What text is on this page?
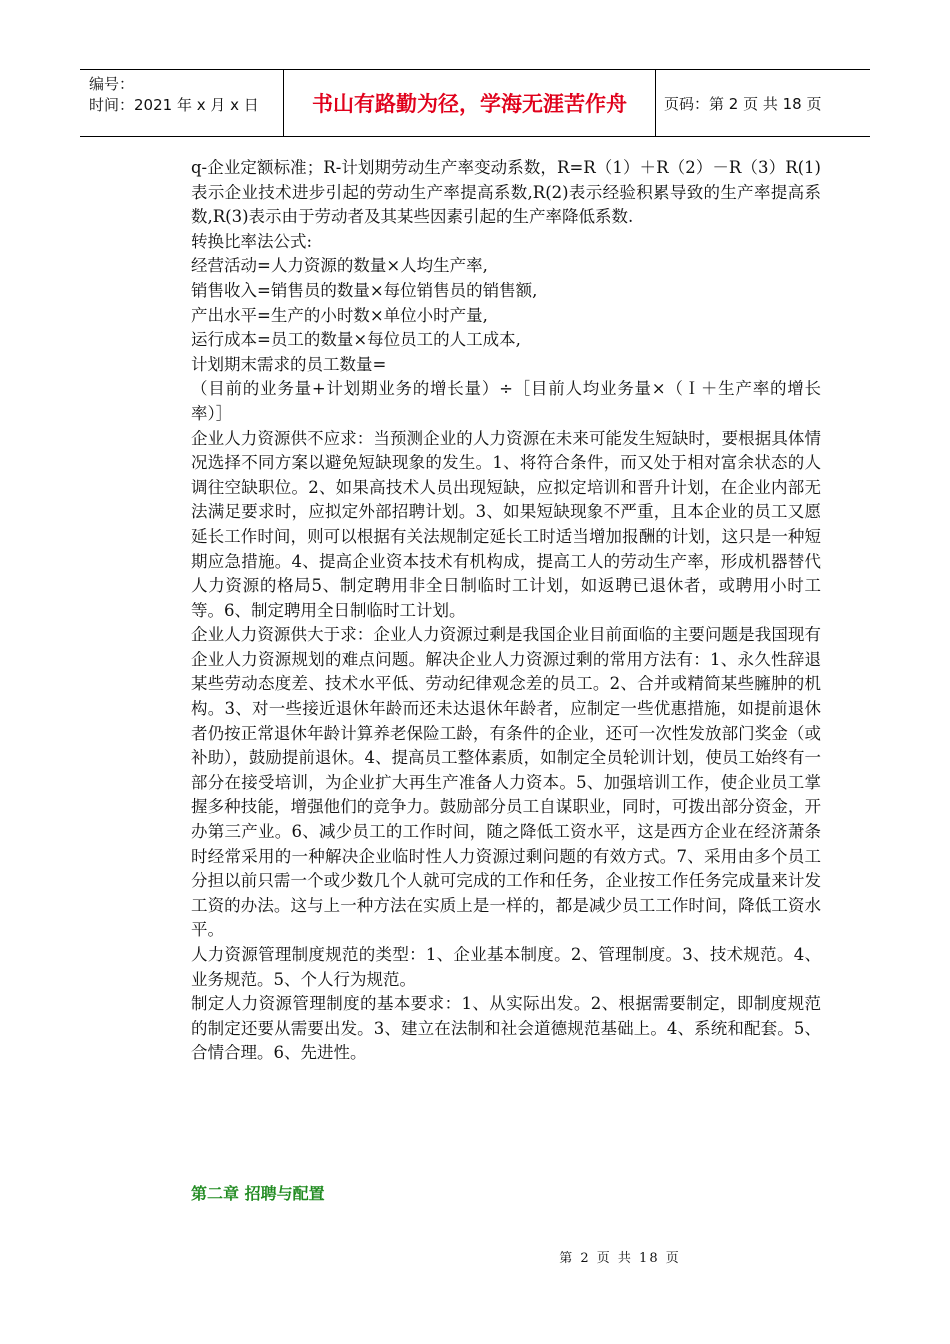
编号：
时间：2021 年 x 月 x 日	书山有路勤为径，学海无涯苦作舟	页码：第 2 页 共 18 页

q-企业定额标准；R-计划期劳动生产率变动系数，R=R（1）＋R（2）－R（3）R(1)表示企业技术进步引起的劳动生产率提高系数,R(2)表示经验积累导致的生产率提高系数,R(3)表示由于劳动者及其某些因素引起的生产率降低系数.

转换比率法公式:

经营活动=人力资源的数量×人均生产率,

销售收入=销售员的数量×每位销售员的销售额,

产出水平=生产的小时数×单位小时产量,

运行成本=员工的数量×每位员工的人工成本,

计划期末需求的员工数量=

（目前的业务量+计划期业务的增长量）÷［目前人均业务量×（Ｉ＋生产率的增长率）］

企业人力资源供不应求：当预测企业的人力资源在未来可能发生短缺时，要根据具体情况选择不同方案以避免短缺现象的发生。1、将符合条件，而又处于相对富余状态的人调往空缺职位。2、如果高技术人员出现短缺，应拟定培训和晋升计划，在企业内部无法满足要求时，应拟定外部招聘计划。3、如果短缺现象不严重，且本企业的员工又愿延长工作时间，则可以根据有关法规制定延长工时适当增加报酬的计划，这只是一种短期应急措施。4、提高企业资本技术有机构成，提高工人的劳动生产率，形成机器替代人力资源的格局5、制定聘用非全日制临时工计划，如返聘已退休者，或聘用小时工等。6、制定聘用全日制临时工计划。

企业人力资源供大于求：企业人力资源过剩是我国企业目前面临的主要问题是我国现有企业人力资源规划的难点问题。解决企业人力资源过剩的常用方法有：1、永久性辞退某些劳动态度差、技术水平低、劳动纪律观念差的员工。2、合并或精简某些臃肿的机构。3、对一些接近退休年龄而还未达退休年龄者，应制定一些优惠措施，如提前退休者仍按正常退休年龄计算养老保险工龄，有条件的企业，还可一次性发放部门奖金（或补助），鼓励提前退休。4、提高员工整体素质，如制定全员轮训计划，使员工始终有一部分在接受培训，为企业扩大再生产准备人力资本。5、加强培训工作，使企业员工掌握多种技能，增强他们的竞争力。鼓励部分员工自谋职业，同时，可拨出部分资金，开办第三产业。6、减少员工的工作时间，随之降低工资水平，这是西方企业在经济萧条时经常采用的一种解决企业临时性人力资源过剩问题的有效方式。7、采用由多个员工分担以前只需一个或少数几个人就可完成的工作和任务，企业按工作任务完成量来计发工资的办法。这与上一种方法在实质上是一样的，都是减少员工工作时间，降低工资水平。

人力资源管理制度规范的类型：1、企业基本制度。2、管理制度。3、技术规范。4、业务规范。5、个人行为规范。

制定人力资源管理制度的基本要求：1、从实际出发。2、根据需要制定，即制度规范的制定还要从需要出发。3、建立在法制和社会道德规范基础上。4、系统和配套。5、合情合理。6、先进性。

第二章 招聘与配置
第 2 页 共 18 页
